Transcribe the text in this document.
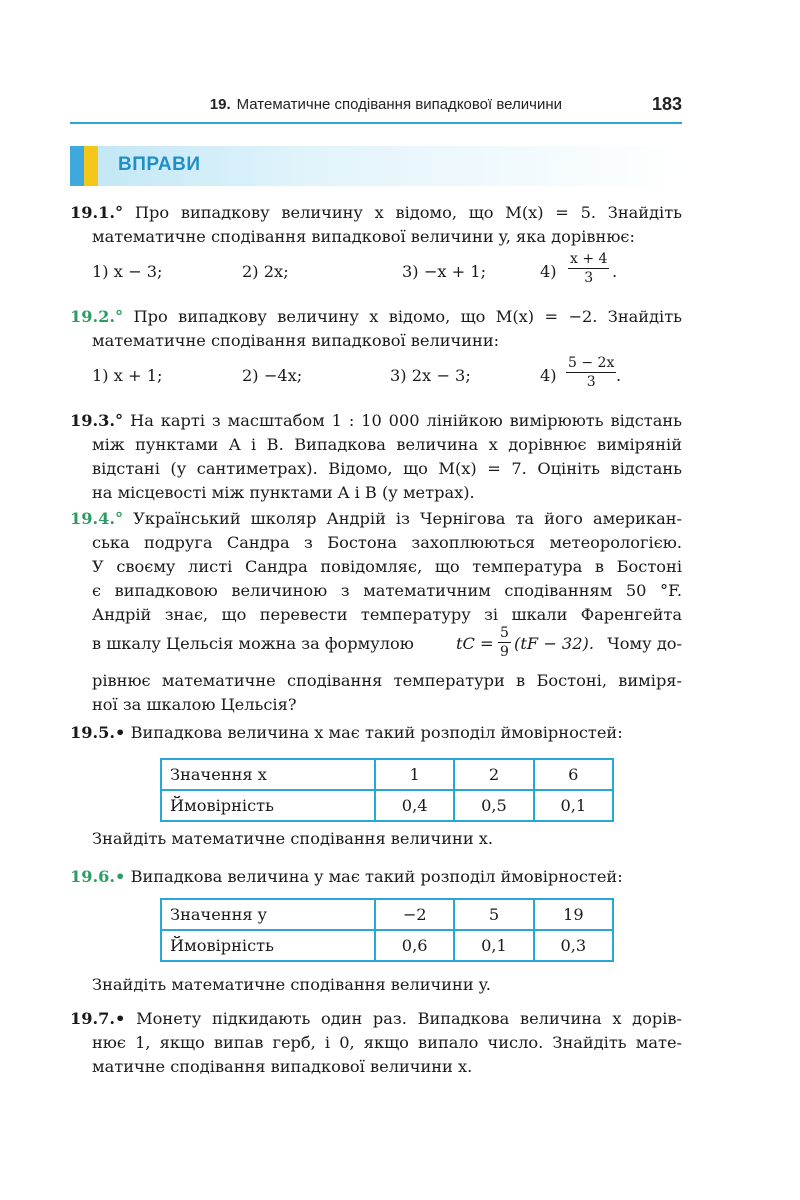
19. Математичне сподівання випадкової величини	183
ВПРАВИ
19.1.° Про випадкову величину x відомо, що M(x) = 5. Знайдіть
математичне сподівання випадкової величини y, яка дорівнює:
1) x − 3;	2) 2x;	3) −x + 1;	$4) \frac{x + 4}{3}$ .
19.2.° Про випадкову величину x відомо, що M(x) = −2. Знайдіть
математичне сподівання випадкової величини:
1) x + 1;	2) −4x;	3) 2x − 3;	$4) \frac{5 - 2x}{3}$ .
19.3.° На карті з масштабом 1 : 10 000 лінійкою вимірюють відстань
між пунктами A і B. Випадкова величина x дорівнює виміряній
відстані (у сантиметрах). Відомо, що M(x) = 7. Оцініть відстань
на місцевості між пунктами A і B (у метрах).
19.4.° Український школяр Андрій із Чернігова та його американ-
ська подруга Сандра з Бостона захоплюються метеорологією.
У своєму листі Сандра повідомляє, що температура в Бостоні
є випадковою величиною з математичним сподіванням 50 °F.
Андрій знає, що перевести температуру зі шкали Фаренгейта
в шкалу Цельсія можна за формулою	tC = $\frac{5}{9} (tF - 32)$. Чому до-
рівнює математичне сподівання температури в Бостоні, виміря-
ної за шкалою Цельсія?
19.5.• Випадкова величина x має такий розподіл ймовірностей:
Значення x	1	2	6
Ймовірність	0,4	0,5	0,1
Знайдіть математичне сподівання величини x.
19.6.• Випадкова величина y має такий розподіл ймовірностей:
Значення y	−2	5	19
Ймовірність	0,6	0,1	0,3
Знайдіть математичне сподівання величини y.
19.7.• Монету підкидають один раз. Випадкова величина x дорів-
нює 1, якщо випав герб, і 0, якщо випало число. Знайдіть мате-
матичне сподівання випадкової величини x.
